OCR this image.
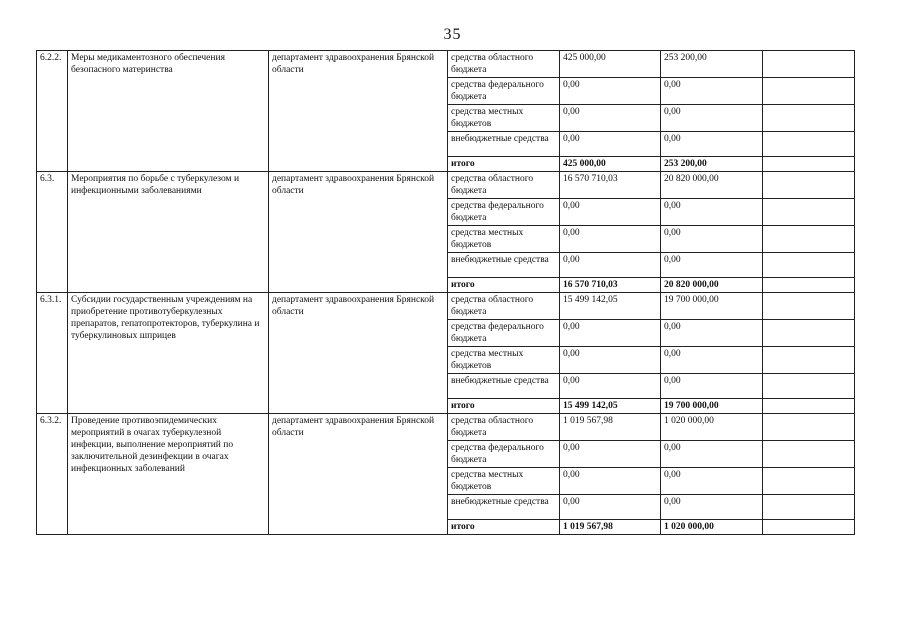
35
6.2.2.	Меры медикаментозного обеспечения безопасного материнства	департамент здравоохранения Брянской области	средства областного бюджета	425 000,00	253 200,00	
			средства федерального бюджета	0,00	0,00	
			средства местных бюджетов	0,00	0,00	
			внебюджетные средства	0,00	0,00	
			итого	425 000,00	253 200,00	
6.3.	Мероприятия по борьбе с туберкулезом и инфекционными заболеваниями	департамент здравоохранения Брянской области	средства областного бюджета	16 570 710,03	20 820 000,00	
			средства федерального бюджета	0,00	0,00	
			средства местных бюджетов	0,00	0,00	
			внебюджетные средства	0,00	0,00	
			итого	16 570 710,03	20 820 000,00	
6.3.1.	Субсидии государственным учреждениям на приобретение противотуберкулезных препаратов, гепатопротекторов, туберкулина и туберкулиновых шприцев	департамент здравоохранения Брянской области	средства областного бюджета	15 499 142,05	19 700 000,00	
			средства федерального бюджета	0,00	0,00	
			средства местных бюджетов	0,00	0,00	
			внебюджетные средства	0,00	0,00	
			итого	15 499 142,05	19 700 000,00	
6.3.2.	Проведение противоэпидемических мероприятий в очагах туберкулезной инфекции, выполнение мероприятий по заключительной дезинфекции в очагах инфекционных заболеваний	департамент здравоохранения Брянской области	средства областного бюджета	1 019 567,98	1 020 000,00	
			средства федерального бюджета	0,00	0,00	
			средства местных бюджетов	0,00	0,00	
			внебюджетные средства	0,00	0,00	
			итого	1 019 567,98	1 020 000,00	
